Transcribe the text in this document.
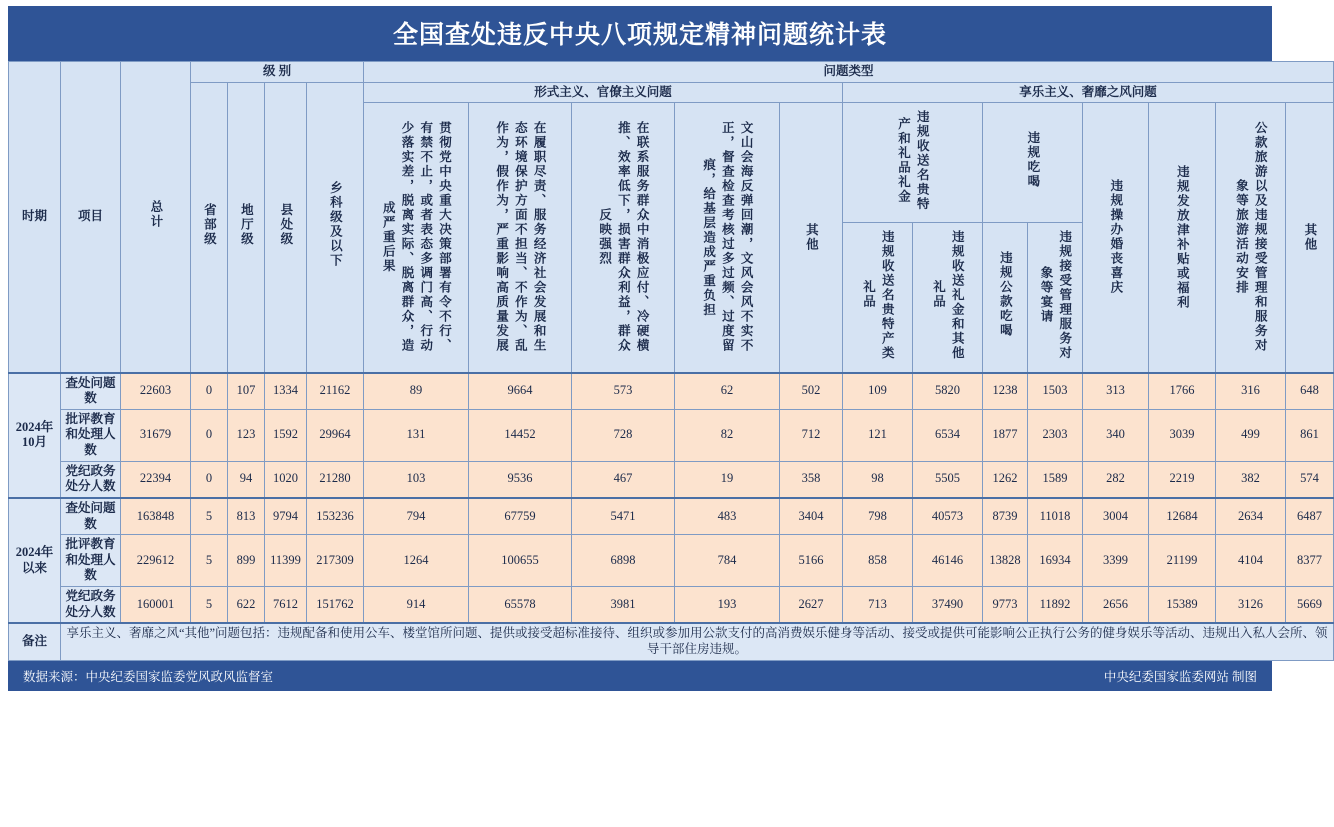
全国查处违反中央八项规定精神问题统计表
时期	项目	总计	级 别				问题类型												
			省部级	地厅级	县处级	乡科级及以下	形式主义、官僚主义问题					享乐主义、奢靡之风问题							
							贯彻党中央重大决策部署有令不行、有禁不止，或者表态多调门高、行动少落实差，脱离实际、脱离群众，造成严重后果	在履职尽责、服务经济社会发展和生态环境保护方面不担当、不作为、乱作为，假作为，严重影响高质量发展	在联系服务群众中消极应付、冷硬横推、效率低下，损害群众利益，群众反映强烈	文山会海反弹回潮，文风会风不实不正，督查检查考核过多过频、过度留痕，给基层造成严重负担	其他	违规收送名贵特产和礼品礼金		违规吃喝		违规操办婚丧喜庆	违规发放津补贴或福利	公款旅游以及违规接受管理和服务对象等旅游活动安排	其他
												违规收送名贵特产类礼品	违规收送礼金和其他礼品	违规公款吃喝	违规接受管理服务对象等宴请				
2024年10月	查处问题数	22603	0	107	1334	21162	89	9664	573	62	502	109	5820	1238	1503	313	1766	316	648
	批评教育和处理人数	31679	0	123	1592	29964	131	14452	728	82	712	121	6534	1877	2303	340	3039	499	861
	党纪政务处分人数	22394	0	94	1020	21280	103	9536	467	19	358	98	5505	1262	1589	282	2219	382	574
2024年以来	查处问题数	163848	5	813	9794	153236	794	67759	5471	483	3404	798	40573	8739	11018	3004	12684	2634	6487
	批评教育和处理人数	229612	5	899	11399	217309	1264	100655	6898	784	5166	858	46146	13828	16934	3399	21199	4104	8377
	党纪政务处分人数	160001	5	622	7612	151762	914	65578	3981	193	2627	713	37490	9773	11892	2656	15389	3126	5669
备注	享乐主义、奢靡之风“其他”问题包括：违规配备和使用公车、楼堂馆所问题、提供或接受超标准接待、组织或参加用公款支付的高消费娱乐健身等活动、接受或提供可能影响公正执行公务的健身娱乐等活动、违规出入私人会所、领导干部住房违规。																		
数据来源：中央纪委国家监委党风政风监督室	中央纪委国家监委网站 制图
